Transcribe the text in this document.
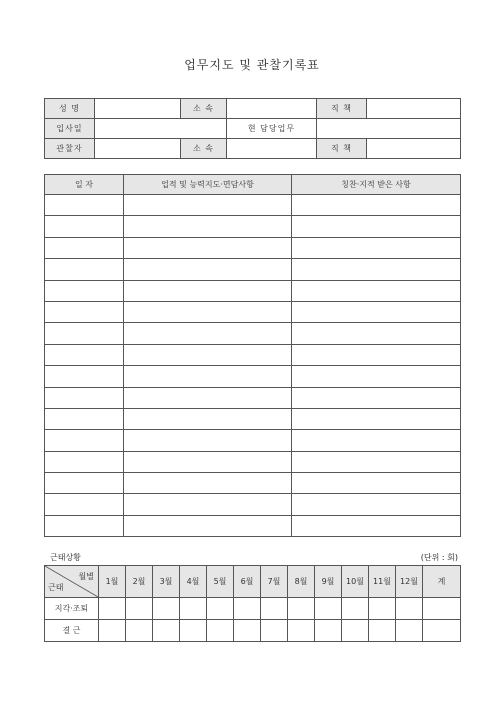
업무지도 및 관찰기록표
성 명		소 속		직 책	
입사일			현 담당업무		
관찰자		소 속		직 책	
일 자	업적 및 능력지도·면담사항	칭찬·지적 받은 사항

근태상황	(단위 : 회)
월별
근태	1월	2월	3월	4월	5월	6월	7월	8월	9월	10월	11월	12월	계
지각·조퇴													
결 근													
